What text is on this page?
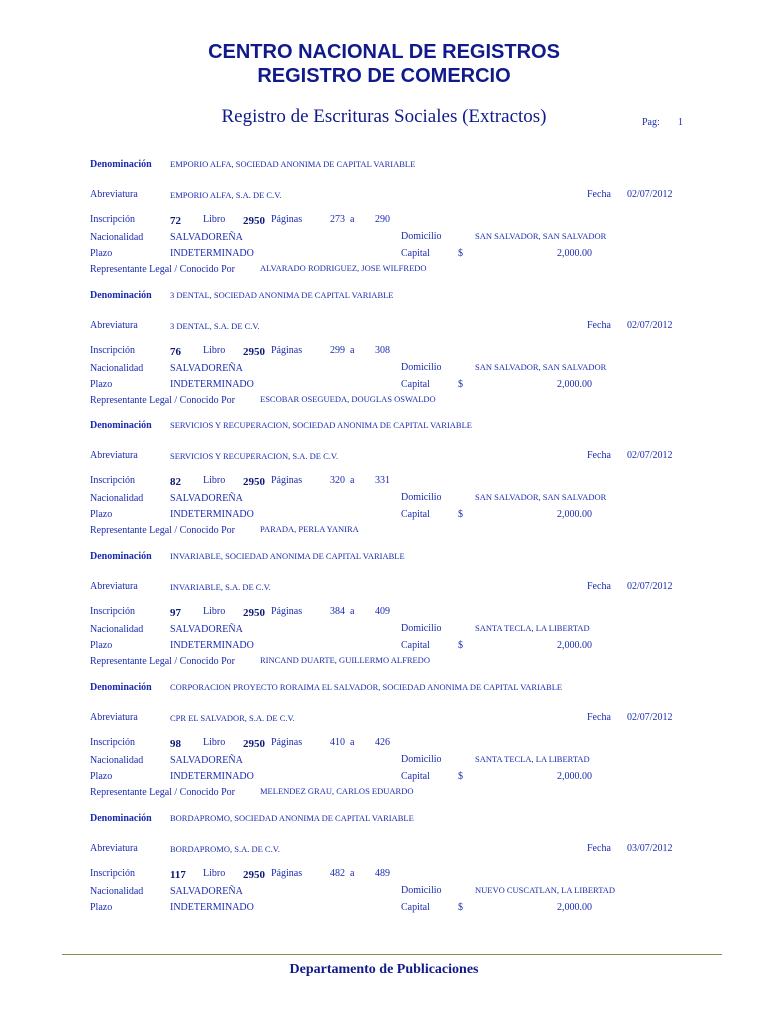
CENTRO NACIONAL DE REGISTROS
REGISTRO DE COMERCIO
Registro de Escrituras Sociales (Extractos)	Pag: 1
Denominación EMPORIO ALFA, SOCIEDAD ANONIMA DE CAPITAL VARIABLE
Abreviatura	EMPORIO ALFA, S.A. DE C.V.	Fecha 02/07/2012
Inscripción	72 Libro 2950 Páginas	273 a 290
Nacionalidad	SALVADOREÑA	Domicilio	SAN SALVADOR, SAN SALVADOR
Plazo	INDETERMINADO	Capital	$	2,000.00
Representante Legal / Conocido Por	ALVARADO RODRIGUEZ, JOSE WILFREDO
Denominación 3 DENTAL, SOCIEDAD ANONIMA DE CAPITAL VARIABLE
Abreviatura	3 DENTAL, S.A. DE C.V.	Fecha 02/07/2012
Inscripción	76 Libro 2950 Páginas	299 a 308
Nacionalidad	SALVADOREÑA	Domicilio	SAN SALVADOR, SAN SALVADOR
Plazo	INDETERMINADO	Capital	$	2,000.00
Representante Legal / Conocido Por	ESCOBAR OSEGUEDA, DOUGLAS OSWALDO
Denominación SERVICIOS Y RECUPERACION, SOCIEDAD ANONIMA DE CAPITAL VARIABLE
Abreviatura	SERVICIOS Y RECUPERACION, S.A. DE C.V.	Fecha 02/07/2012
Inscripción	82 Libro 2950 Páginas	320 a 331
Nacionalidad	SALVADOREÑA	Domicilio	SAN SALVADOR, SAN SALVADOR
Plazo	INDETERMINADO	Capital	$	2,000.00
Representante Legal / Conocido Por	PARADA, PERLA YANIRA
Denominación INVARIABLE, SOCIEDAD ANONIMA DE CAPITAL VARIABLE
Abreviatura	INVARIABLE, S.A. DE C.V.	Fecha 02/07/2012
Inscripción	97 Libro 2950 Páginas	384 a 409
Nacionalidad	SALVADOREÑA	Domicilio	SANTA TECLA, LA LIBERTAD
Plazo	INDETERMINADO	Capital	$	2,000.00
Representante Legal / Conocido Por	RINCAND DUARTE, GUILLERMO ALFREDO
Denominación CORPORACION PROYECTO RORAIMA EL SALVADOR, SOCIEDAD ANONIMA DE CAPITAL VARIABLE
Abreviatura	CPR EL SALVADOR, S.A. DE C.V.	Fecha 02/07/2012
Inscripción	98 Libro 2950 Páginas	410 a 426
Nacionalidad	SALVADOREÑA	Domicilio	SANTA TECLA, LA LIBERTAD
Plazo	INDETERMINADO	Capital	$	2,000.00
Representante Legal / Conocido Por	MELENDEZ GRAU, CARLOS EDUARDO
Denominación BORDAPROMO, SOCIEDAD ANONIMA DE CAPITAL VARIABLE
Abreviatura	BORDAPROMO, S.A. DE C.V.	Fecha 03/07/2012
Inscripción	117 Libro 2950 Páginas	482 a 489
Nacionalidad	SALVADOREÑA	Domicilio	NUEVO CUSCATLAN, LA LIBERTAD
Plazo	INDETERMINADO	Capital	$	2,000.00
Departamento de Publicaciones
